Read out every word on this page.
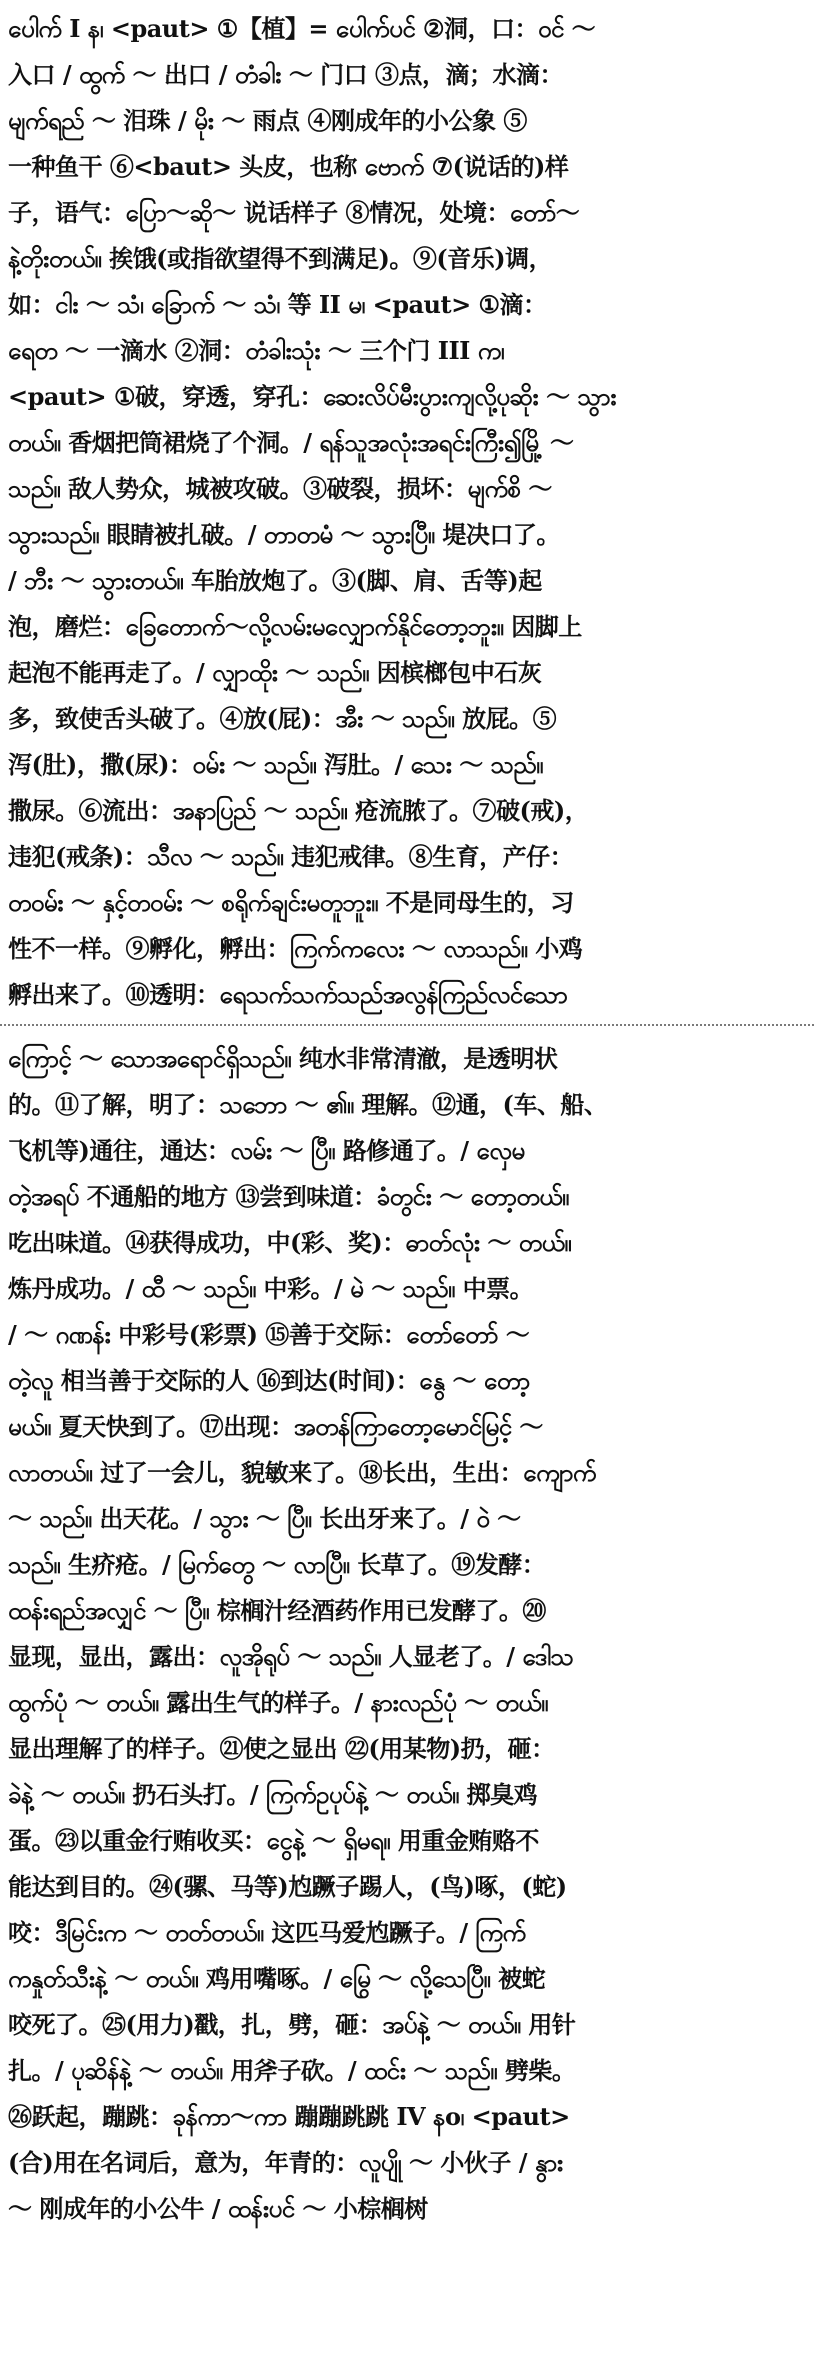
ပေါက် I န၊ <paut> ①【植】= ပေါက်ပင် ②洞，口：ဝင် ～
入口 / ထွက် ～ 出口 / တံခါး ～ 门口 ③点，滴；水滴：
မျက်ရည် ～ 泪珠 / မိုး ～ 雨点 ④刚成年的小公象 ⑤
一种鱼干 ⑥<baut> 头皮，也称 ဗောက် ⑦(说话的)样
子，语气：ပြော～ဆို～ 说话样子 ⑧情况，处境：တော်～
နဲ့တိုးတယ်။ 挨饿(或指欲望得不到满足)。⑨(音乐)调，
如：ငါး ～ သံ၊ ခြောက် ～ သံ၊ 等 II မ၊ <paut> ①滴：
ရေတ ～ 一滴水 ②洞：တံခါးသုံး ～ 三个门 III က၊
<paut> ①破，穿透，穿孔：ဆေးလိပ်မီးပွားကျလို့ပုဆိုး ～ သွား
တယ်။ 香烟把筒裙烧了个洞。/ ရန်သူအလုံးအရင်းကြီး၍မြို့ ～
သည်။ 敌人势众，城被攻破。③破裂，损坏：မျက်စိ ～
သွားသည်။ 眼睛被扎破。/ တာတမံ ～ သွားပြီ။ 堤决口了。
/ ဘီး ～ သွားတယ်။ 车胎放炮了。③(脚、肩、舌等)起
泡，磨烂：ခြေတောက်～လို့လမ်းမလျှောက်နိုင်တော့ဘူး။ 因脚上
起泡不能再走了。/ လျှာထိုး ～ သည်။ 因槟榔包中石灰
多，致使舌头破了。④放(屁)：အီး ～ သည်။ 放屁。⑤
泻(肚)，撒(尿)：ဝမ်း ～ သည်။ 泻肚。/ သေး ～ သည်။
撒尿。⑥流出：အနာပြည် ～ သည်။ 疮流脓了。⑦破(戒)，
违犯(戒条)：သီလ ～ သည်။ 违犯戒律。⑧生育，产仔：
တဝမ်း ～ နှင့်တဝမ်း ～ စရိုက်ချင်းမတူဘူး။ 不是同母生的，习
性不一样。⑨孵化，孵出：ကြက်ကလေး ～ လာသည်။ 小鸡
孵出来了。⑩透明：ရေသက်သက်သည်အလွန်ကြည်လင်သော
ကြောင့် ～ သောအရောင်ရှိသည်။ 纯水非常清澈，是透明状
的。⑪了解，明了：သဘော ～ ၏။ 理解。⑫通，(车、船、
飞机等)通往，通达：လမ်း ～ ပြီ။ 路修通了。/ လှေမ
တဲ့အရပ် 不通船的地方 ⑬尝到味道：ခံတွင်း ～ တော့တယ်။
吃出味道。⑭获得成功，中(彩、奖)：ဓာတ်လုံး ～ တယ်။
炼丹成功。/ ထီ ～ သည်။ 中彩。/ မဲ ～ သည်။ 中票。
/ ～ ဂဏန်း 中彩号(彩票) ⑮善于交际：တော်တော် ～
တဲ့လူ 相当善于交际的人 ⑯到达(时间)：နွေ ～ တော့
မယ်။ 夏天快到了。⑰出现：အတန်ကြာတော့မောင်မြင့် ～
လာတယ်။ 过了一会儿，貌敏来了。⑱长出，生出：ကျောက်
～ သည်။ 出天花。/ သွား ～ ပြီ။ 长出牙来了。/ ဝဲ ～
သည်။ 生疥疮。/ မြက်တွေ ～ လာပြီ။ 长草了。⑲发酵：
ထန်းရည်အလျှင် ～ ပြီ။ 棕榈汁经酒药作用已发酵了。⑳
显现，显出，露出：လူအိုရုပ် ～ သည်။ 人显老了。/ ဒေါသ
ထွက်ပုံ ～ တယ်။ 露出生气的样子。/ နားလည်ပုံ ～ တယ်။
显出理解了的样子。㉑使之显出 ㉒(用某物)扔，砸：
ခဲနဲ့ ～ တယ်။ 扔石头打。/ ကြက်ဥပုပ်နဲ့ ～ တယ်။ 掷臭鸡
蛋。㉓以重金行贿收买：ငွေနဲ့ ～ ရှိမရ။ 用重金贿赂不
能达到目的。㉔(骡、马等)尥蹶子踢人，(鸟)啄，(蛇)
咬：ဒီမြင်းက ～ တတ်တယ်။ 这匹马爱尥蹶子。/ ကြက်
ကနှုတ်သီးနဲ့ ～ တယ်။ 鸡用嘴啄。/ မြွေ ～ လို့သေပြီ။ 被蛇
咬死了。㉕(用力)戳，扎，劈，砸：အပ်နဲ့ ～ တယ်။ 用针
扎。/ ပုဆိန်နဲ့ ～ တယ်။ 用斧子砍。/ ထင်း ～ သည်။ 劈柴。
㉖跃起，蹦跳：ခုန်ကာ～ကာ 蹦蹦跳跳 IV နo၊ <paut>
(合)用在名词后，意为，年青的：လူပျို ～ 小伙子 / နွား
～ 刚成年的小公牛 / ထန်းပင် ～ 小棕榈树
